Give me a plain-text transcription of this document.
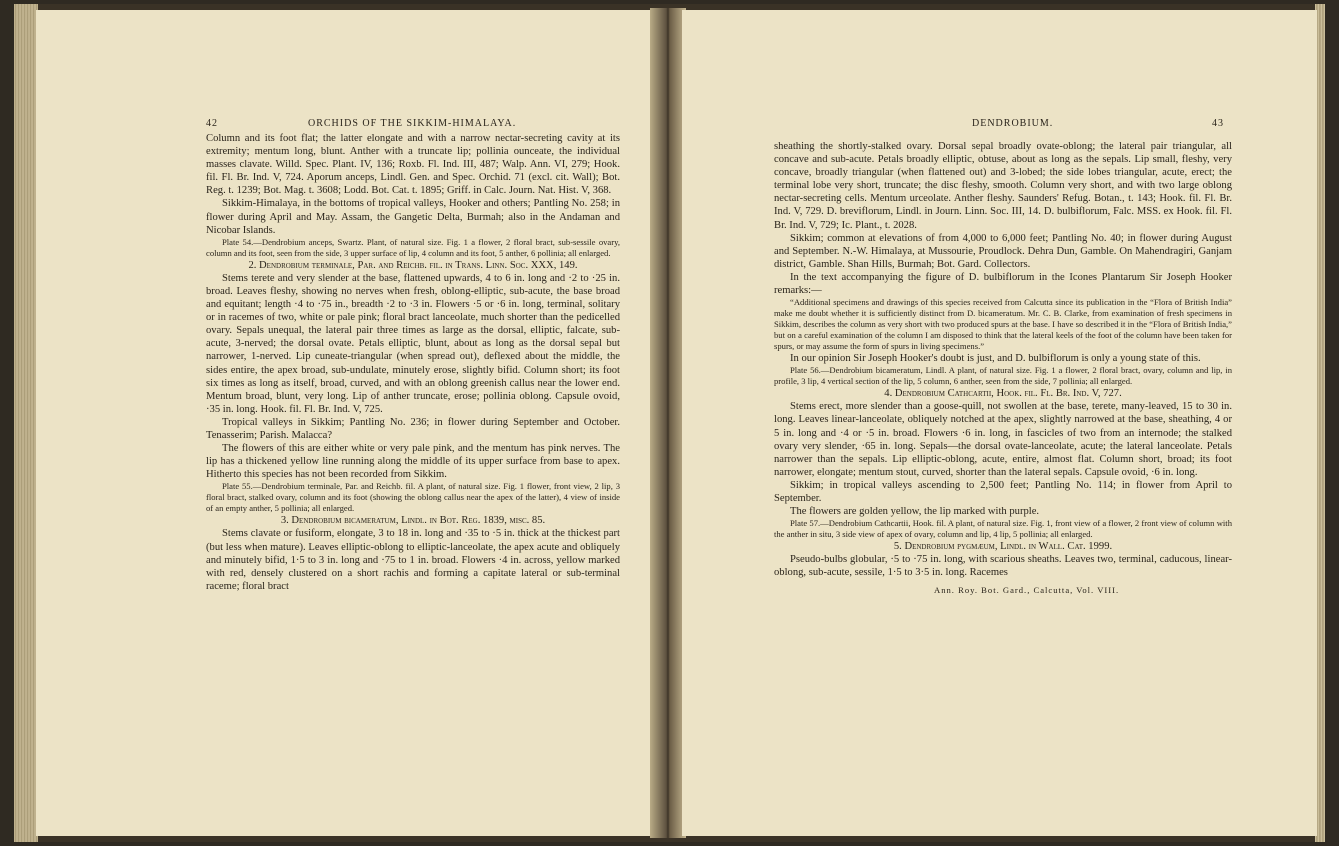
42	ORCHIDS OF THE SIKKIM-HIMALAYA.

Column and its foot flat; the latter elongate and with a narrow nectar-secreting cavity at its extremity; mentum long, blunt. Anther with a truncate lip; pollinia ounceate, the individual masses clavate. Willd. Spec. Plant. IV, 136; Roxb. Fl. Ind. III, 487; Walp. Ann. VI, 279; Hook. fil. Fl. Br. Ind. V, 724. Aporum anceps, Lindl. Gen. and Spec. Orchid. 71 (excl. cit. Wall); Bot. Reg. t. 1239; Bot. Mag. t. 3608; Lodd. Bot. Cat. t. 1895; Griff. in Calc. Journ. Nat. Hist. V, 368.

Sikkim-Himalaya, in the bottoms of tropical valleys, Hooker and others; Pantling No. 258; in flower during April and May. Assam, the Gangetic Delta, Burmah; also in the Andaman and Nicobar Islands.

Plate 54.—Dendrobium anceps, Swartz. Plant, of natural size. Fig. 1 a flower, 2 floral bract, sub-sessile ovary, column and its foot, seen from the side, 3 upper surface of lip, 4 column and its foot, 5 anther, 6 pollinia; all enlarged.

2. Dendrobium terminale, Par. and Reichb. fil. in Trans. Linn. Soc. XXX, 149.

Stems terete and very slender at the base, flattened upwards, 4 to 6 in. long and ·2 to ·25 in. broad. Leaves fleshy, showing no nerves when fresh, oblong-elliptic, sub-acute, the base broad and equitant; length ·4 to ·75 in., breadth ·2 to ·3 in. Flowers ·5 or ·6 in. long, terminal, solitary or in racemes of two, white or pale pink; floral bract lanceolate, much shorter than the pedicelled ovary. Sepals unequal, the lateral pair three times as large as the dorsal, elliptic, falcate, sub-acute, 3-nerved; the dorsal ovate. Petals elliptic, blunt, about as long as the dorsal sepal but narrower, 1-nerved. Lip cuneate-triangular (when spread out), deflexed about the middle, the sides entire, the apex broad, sub-undulate, minutely erose, slightly bifid. Column short; its foot six times as long as itself, broad, curved, and with an oblong greenish callus near the lower end. Mentum broad, blunt, very long. Lip of anther truncate, erose; pollinia oblong. Capsule ovoid, ·35 in. long. Hook. fil. Fl. Br. Ind. V, 725.

Tropical valleys in Sikkim; Pantling No. 236; in flower during September and October. Tenasserim; Parish. Malacca?

The flowers of this are either white or very pale pink, and the mentum has pink nerves. The lip has a thickened yellow line running along the middle of its upper surface from base to apex. Hitherto this species has not been recorded from Sikkim.

Plate 55.—Dendrobium terminale, Par. and Reichb. fil. A plant, of natural size. Fig. 1 flower, front view, 2 lip, 3 floral bract, stalked ovary, column and its foot (showing the oblong callus near the apex of the latter), 4 view of inside of an empty anther, 5 pollinia; all enlarged.

3. Dendrobium bicameratum, Lindl. in Bot. Reg. 1839, misc. 85.

Stems clavate or fusiform, elongate, 3 to 18 in. long and ·35 to ·5 in. thick at the thickest part (but less when mature). Leaves elliptic-oblong to elliptic-lanceolate, the apex acute and obliquely and minutely bifid, 1·5 to 3 in. long and ·75 to 1 in. broad. Flowers ·4 in. across, yellow marked with red, densely clustered on a short rachis and forming a capitate lateral or sub-terminal raceme; floral bract

DENDROBIUM.	43

sheathing the shortly-stalked ovary. Dorsal sepal broadly ovate-oblong; the lateral pair triangular, all concave and sub-acute. Petals broadly elliptic, obtuse, about as long as the sepals. Lip small, fleshy, very concave, broadly triangular (when flattened out) and 3-lobed; the side lobes triangular, acute, erect; the terminal lobe very short, truncate; the disc fleshy, smooth. Column very short, and with two large oblong nectar-secreting cells. Mentum urceolate. Anther fleshy. Saunders' Refug. Botan., t. 143; Hook. fil. Fl. Br. Ind. V, 729. D. breviflorum, Lindl. in Journ. Linn. Soc. III, 14. D. bulbiflorum, Falc. MSS. ex Hook. fil. Fl. Br. Ind. V, 729; Ic. Plant., t. 2028.

Sikkim; common at elevations of from 4,000 to 6,000 feet; Pantling No. 40; in flower during August and September. N.-W. Himalaya, at Mussourie, Proudlock. Dehra Dun, Gamble. On Mahendragiri, Ganjam district, Gamble. Shan Hills, Burmah; Bot. Gard. Collectors.

In the text accompanying the figure of D. bulbiflorum in the Icones Plantarum Sir Joseph Hooker remarks:—

“Additional specimens and drawings of this species received from Calcutta since its publication in the “Flora of British India” make me doubt whether it is sufficiently distinct from D. bicameratum. Mr. C. B. Clarke, from examination of fresh specimens in Sikkim, describes the column as very short with two produced spurs at the base. I have so described it in the “Flora of British India,” but on a careful examination of the column I am disposed to think that the lateral keels of the foot of the column have been taken for spurs, or may assume the form of spurs in living specimens.”

In our opinion Sir Joseph Hooker's doubt is just, and D. bulbiflorum is only a young state of this.

Plate 56.—Dendrobium bicameratum, Lindl. A plant, of natural size. Fig. 1 a flower, 2 floral bract, ovary, column and lip, in profile, 3 lip, 4 vertical section of the lip, 5 column, 6 anther, seen from the side, 7 pollinia; all enlarged.

4. Dendrobium Cathcartii, Hook. fil. Fl. Br. Ind. V, 727.

Stems erect, more slender than a goose-quill, not swollen at the base, terete, many-leaved, 15 to 30 in. long. Leaves linear-lanceolate, obliquely notched at the apex, slightly narrowed at the base, sheathing, 4 or 5 in. long and ·4 or ·5 in. broad. Flowers ·6 in. long, in fascicles of two from an internode; the stalked ovary very slender, ·65 in. long. Sepals—the dorsal ovate-lanceolate, acute; the lateral lanceolate. Petals narrower than the sepals. Lip elliptic-oblong, acute, entire, almost flat. Column short, broad; its foot narrower, elongate; mentum stout, curved, shorter than the lateral sepals. Capsule ovoid, ·6 in. long.

Sikkim; in tropical valleys ascending to 2,500 feet; Pantling No. 114; in flower from April to September.

The flowers are golden yellow, the lip marked with purple.

Plate 57.—Dendrobium Cathcartii, Hook. fil. A plant, of natural size. Fig. 1, front view of a flower, 2 front view of column with the anther in situ, 3 side view of apex of ovary, column and lip, 4 lip, 5 pollinia; all enlarged.

5. Dendrobium pygmæum, Lindl. in Wall. Cat. 1999.

Pseudo-bulbs globular, ·5 to ·75 in. long, with scarious sheaths. Leaves two, terminal, caducous, linear-oblong, sub-acute, sessile, 1·5 to 3·5 in. long. Racemes

Ann. Roy. Bot. Gard., Calcutta, Vol. VIII.
